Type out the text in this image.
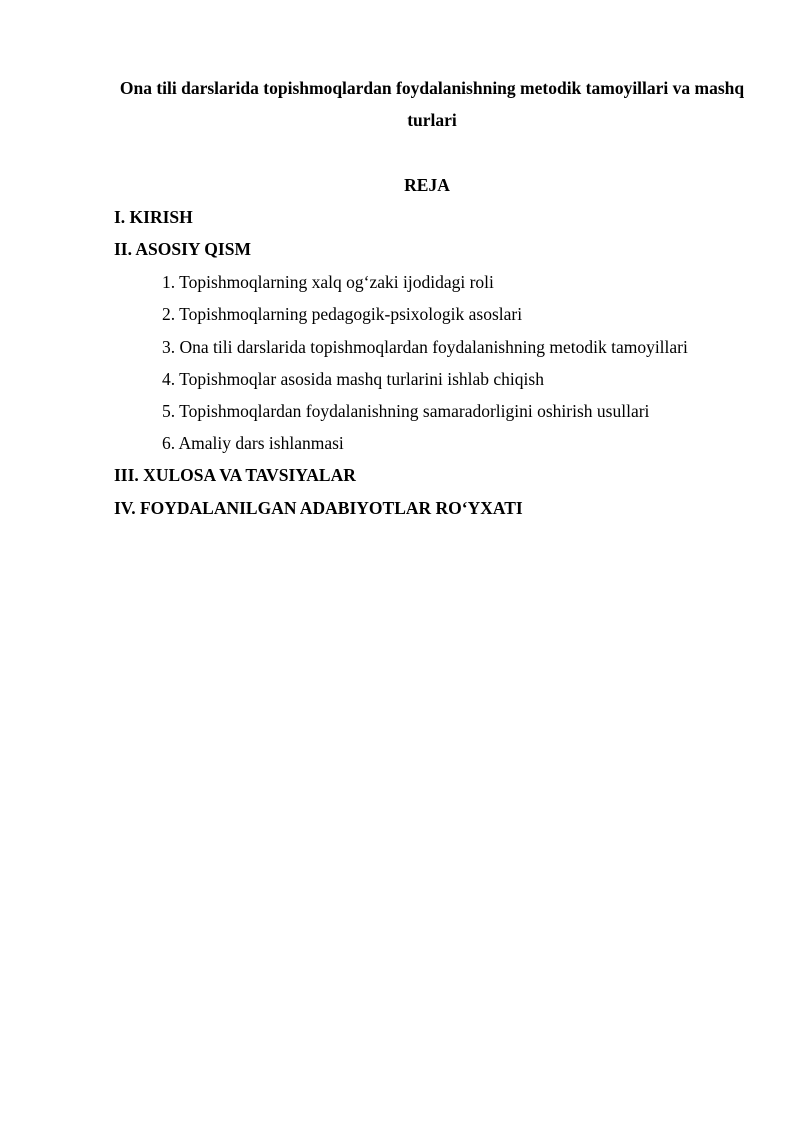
Ona tili darslarida topishmoqlardan foydalanishning metodik tamoyillari va mashq turlari
REJA
I. KIRISH
II. ASOSIY QISM
1. Topishmoqlarning xalq og‘zaki ijodidagi roli
2. Topishmoqlarning pedagogik-psixologik asoslari
3. Ona tili darslarida topishmoqlardan foydalanishning metodik tamoyillari
4. Topishmoqlar asosida mashq turlarini ishlab chiqish
5. Topishmoqlardan foydalanishning samaradorligini oshirish usullari
6. Amaliy dars ishlanmasi
III. XULOSA VA TAVSIYALAR
IV. FOYDALANILGAN ADABIYOTLAR RO‘YXATI
